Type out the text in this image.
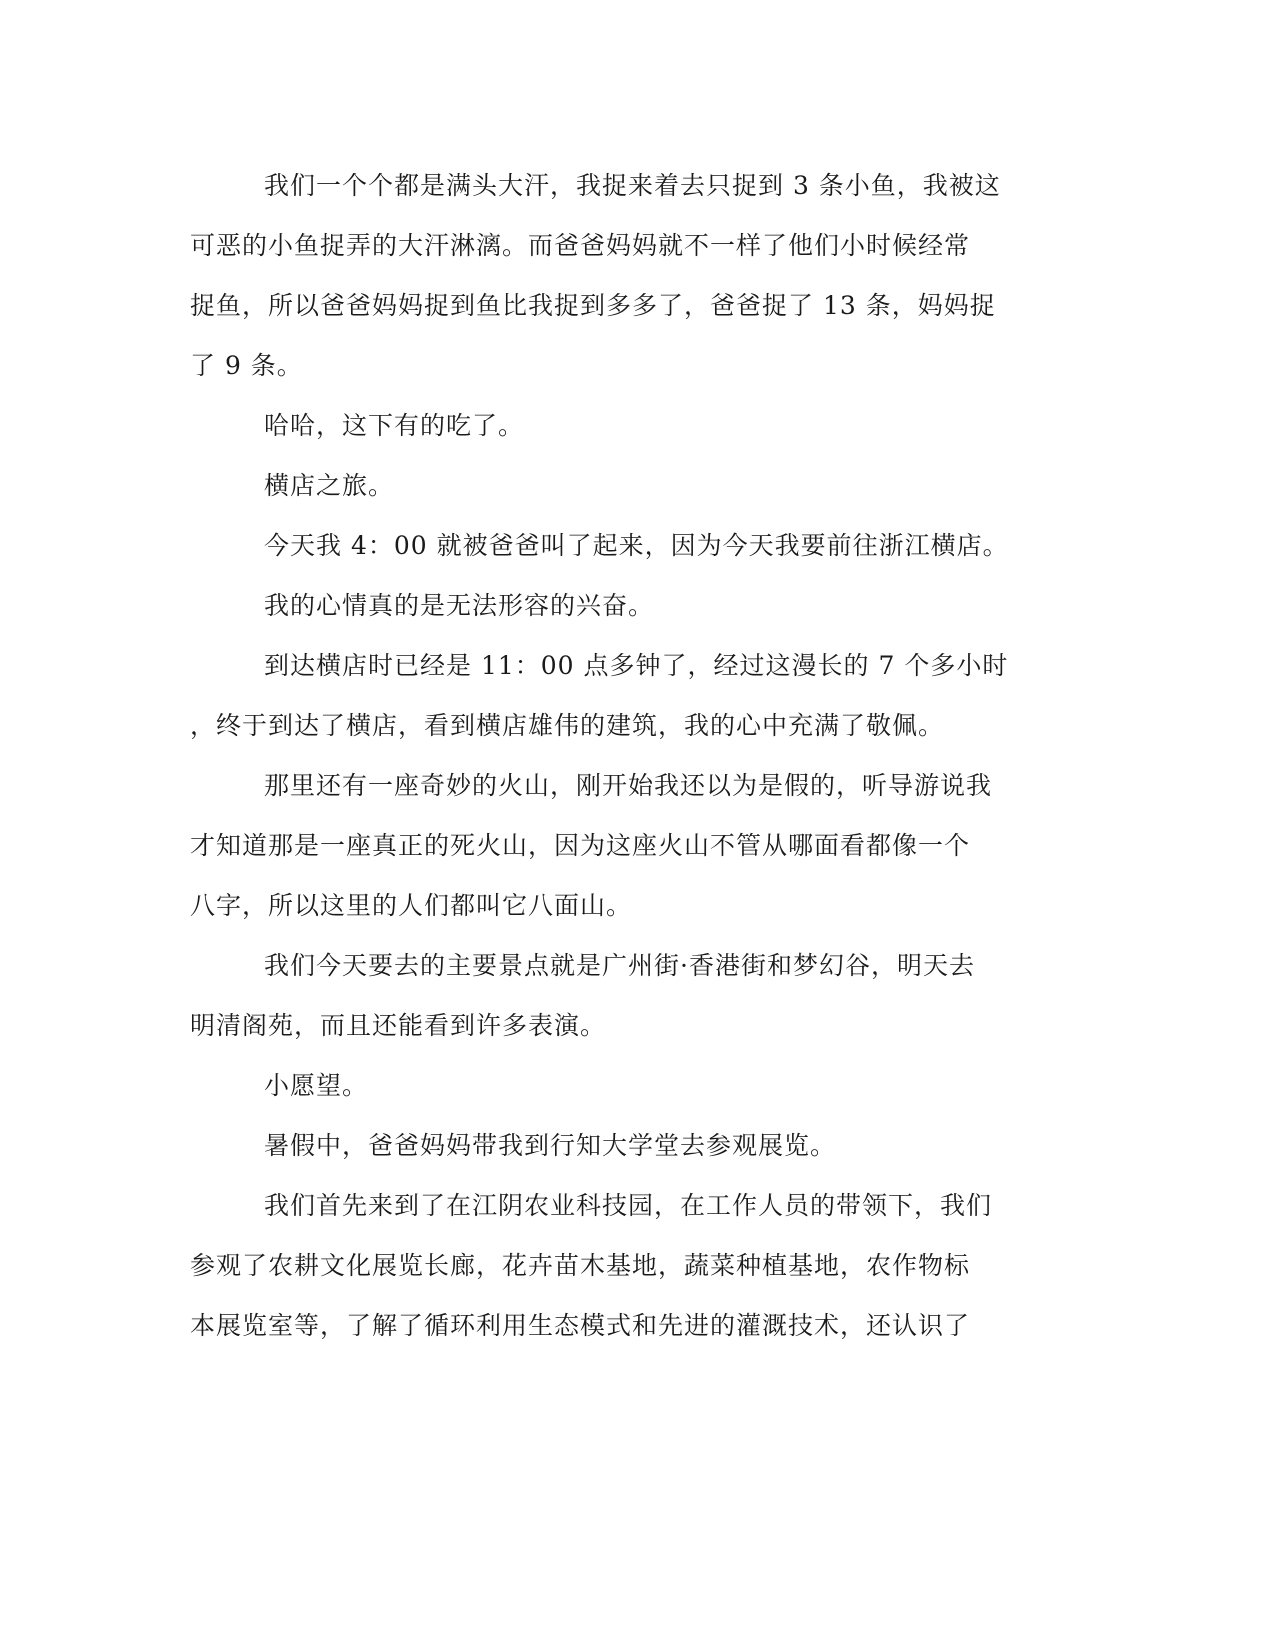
我们一个个都是满头大汗，我捉来着去只捉到 3 条小鱼，我被这
可恶的小鱼捉弄的大汗淋漓。而爸爸妈妈就不一样了他们小时候经常
捉鱼，所以爸爸妈妈捉到鱼比我捉到多多了，爸爸捉了 13 条，妈妈捉
了 9 条。
哈哈，这下有的吃了。
横店之旅。
今天我 4：00 就被爸爸叫了起来，因为今天我要前往浙江横店。
我的心情真的是无法形容的兴奋。
到达横店时已经是 11：00 点多钟了，经过这漫长的 7 个多小时
，终于到达了横店，看到横店雄伟的建筑，我的心中充满了敬佩。
那里还有一座奇妙的火山，刚开始我还以为是假的，听导游说我
才知道那是一座真正的死火山，因为这座火山不管从哪面看都像一个
八字，所以这里的人们都叫它八面山。
我们今天要去的主要景点就是广州街·香港街和梦幻谷，明天去
明清阁苑，而且还能看到许多表演。
小愿望。
暑假中，爸爸妈妈带我到行知大学堂去参观展览。
我们首先来到了在江阴农业科技园，在工作人员的带领下，我们
参观了农耕文化展览长廊，花卉苗木基地，蔬菜种植基地，农作物标
本展览室等，了解了循环利用生态模式和先进的灌溉技术，还认识了
